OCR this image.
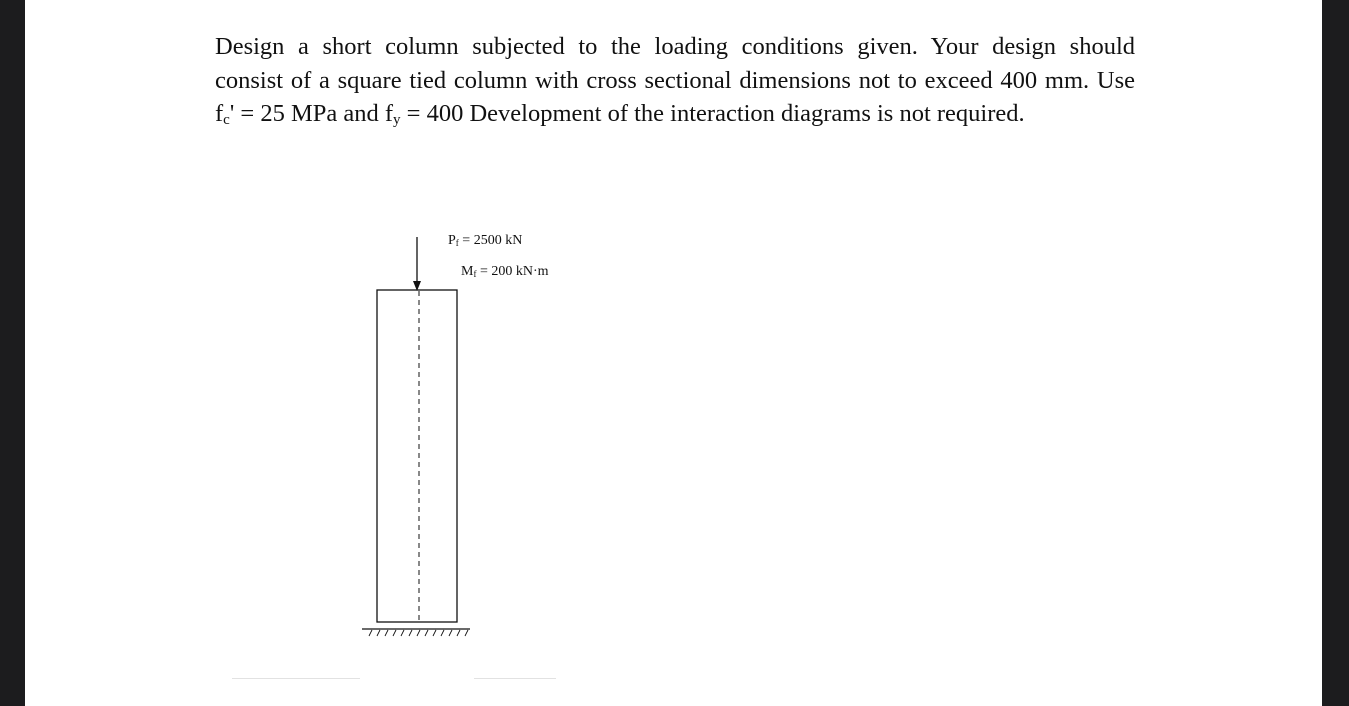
Design a short column subjected to the loading conditions given. Your design should
consist of a square tied column with cross sectional dimensions not to exceed 400 mm. Use
$f_c' = 25$ MPa and $f_y = 400$ Development of the interaction diagrams is not required.

$P_f = 2500$ kN
$M_f = 200$ kN·m
